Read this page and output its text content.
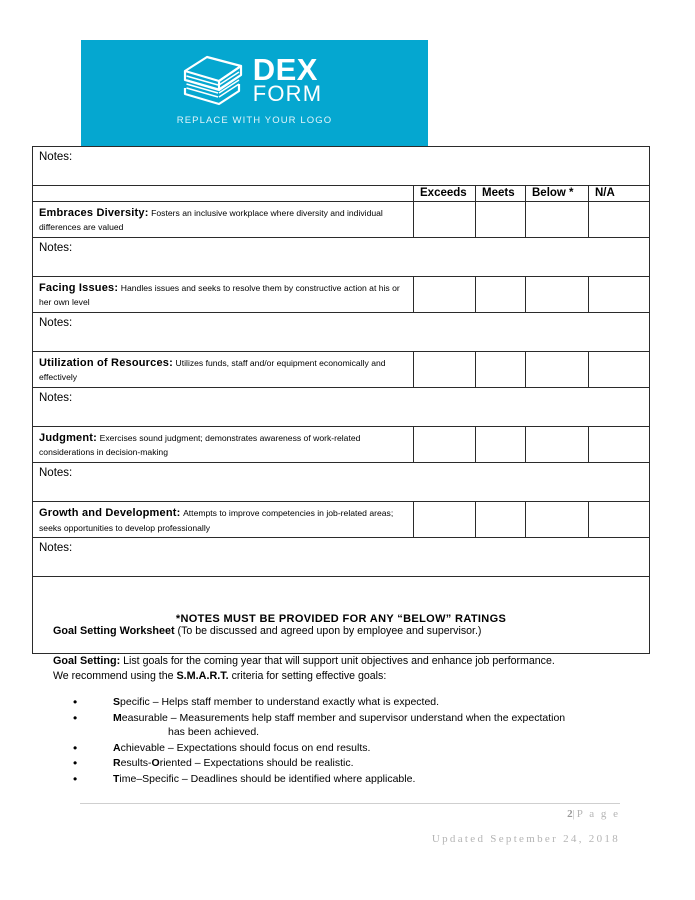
DEX
FORM
REPLACE WITH YOUR LOGO
Notes:				

	Exceeds	Meets	Below *	N/A

Embraces Diversity: Fosters an inclusive workplace where diversity and individual differences are valued				

Notes:				

Facing Issues: Handles issues and seeks to resolve them by constructive action at his or her own level				

Notes:				

Utilization of Resources: Utilizes funds, staff and/or equipment economically and effectively				

Notes:				

Judgment: Exercises sound judgment; demonstrates awareness of work-related considerations in decision-making				

Notes:				

Growth and Development: Attempts to improve competencies in job-related areas; seeks opportunities to develop professionally				

Notes:				

*NOTES MUST BE PROVIDED FOR ANY “BELOW” RATINGS				
Goal Setting Worksheet (To be discussed and agreed upon by employee and supervisor.)
Goal Setting: List goals for the coming year that will support unit objectives and enhance job performance.
We recommend using the S.M.A.R.T. criteria for setting effective goals:
•	Specific – Helps staff member to understand exactly what is expected.
•	Measurable – Measurements help staff member and supervisor understand when the expectation
has been achieved.
•	Achievable – Expectations should focus on end results.
•	Results-Oriented – Expectations should be realistic.
•	Time–Specific – Deadlines should be identified where applicable.
2|P a g e
Updated September 24, 2018
